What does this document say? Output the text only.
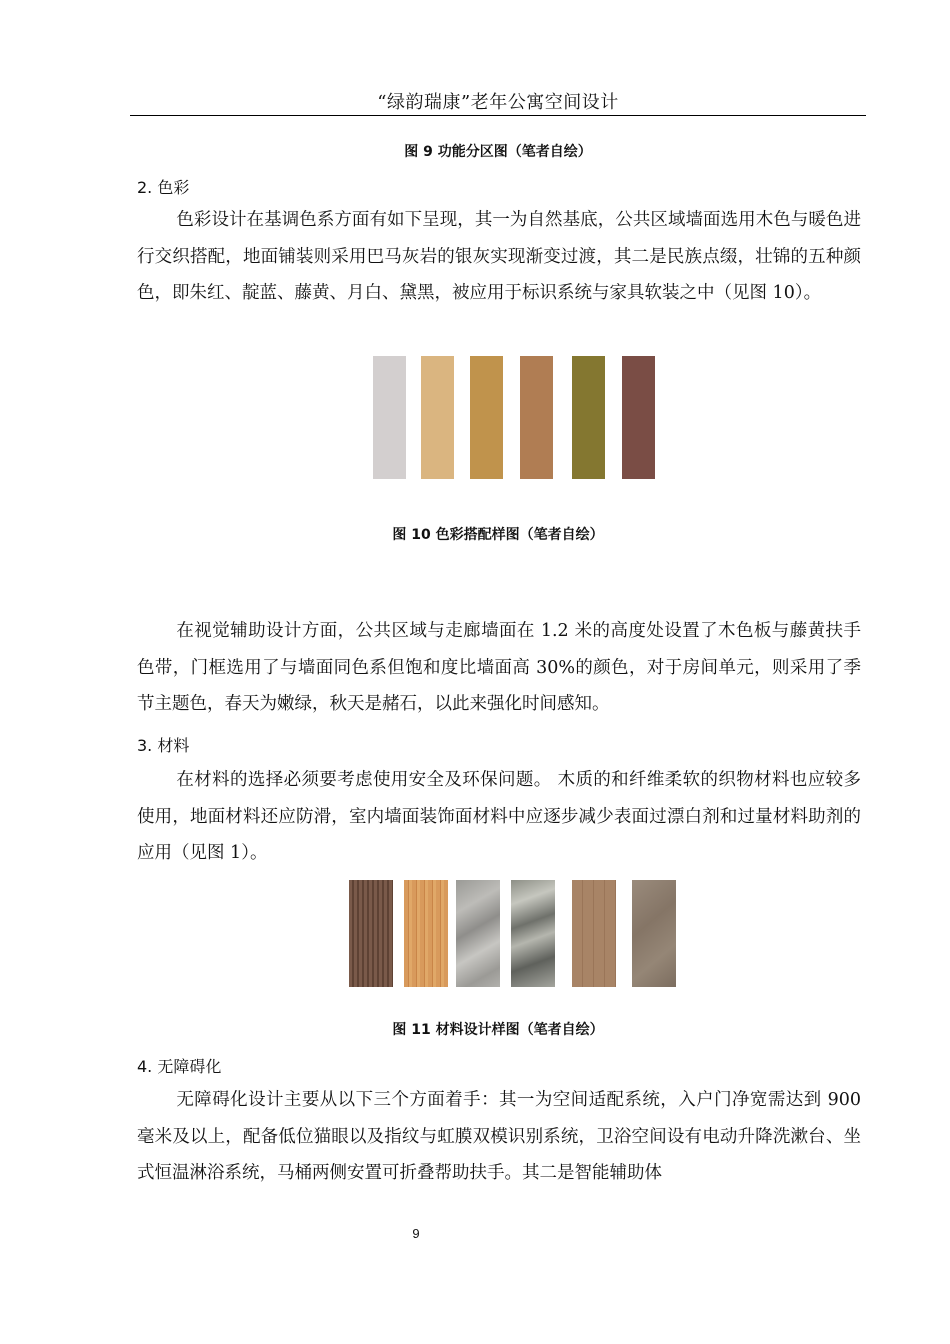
“绿韵瑞康”老年公寓空间设计
图 9 功能分区图（笔者自绘）
2. 色彩
色彩设计在基调色系方面有如下呈现，其一为自然基底，公共区域墙面选用木色与暖色进行交织搭配，地面铺装则采用巴马灰岩的银灰实现渐变过渡，其二是民族点缀，壮锦的五种颜色，即朱红、靛蓝、藤黄、月白、黛黑，被应用于标识系统与家具软装之中（见图 10）。
图 10 色彩搭配样图（笔者自绘）
在视觉辅助设计方面，公共区域与走廊墙面在 1.2 米的高度处设置了木色板与藤黄扶手色带，门框选用了与墙面同色系但饱和度比墙面高 30%的颜色，对于房间单元，则采用了季节主题色，春天为嫩绿，秋天是赭石，以此来强化时间感知。
3. 材料
在材料的选择必须要考虑使用安全及环保问题。 木质的和纤维柔软的织物材料也应较多使用，地面材料还应防滑，室内墙面装饰面材料中应逐步减少表面过漂白剂和过量材料助剂的应用（见图 1）。
图 11 材料设计样图（笔者自绘）
4. 无障碍化
无障碍化设计主要从以下三个方面着手：其一为空间适配系统，入户门净宽需达到 900 毫米及以上，配备低位猫眼以及指纹与虹膜双模识别系统，卫浴空间设有电动升降洗漱台、坐式恒温淋浴系统，马桶两侧安置可折叠帮助扶手。其二是智能辅助体
9
